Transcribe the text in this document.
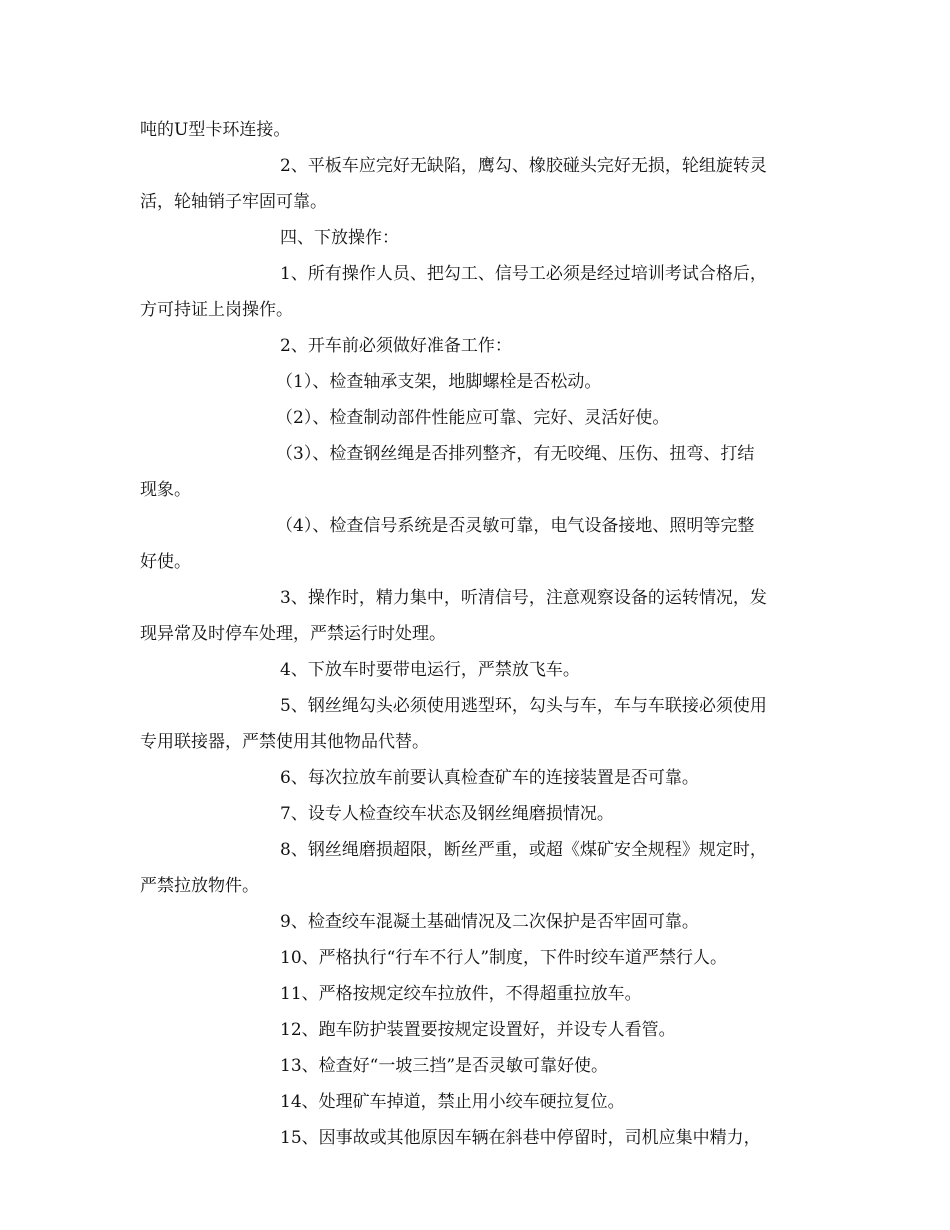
吨的U型卡环连接。

2、平板车应完好无缺陷，鹰勾、橡胶碰头完好无损，轮组旋转灵

活，轮轴销子牢固可靠。

四、下放操作：

1、所有操作人员、把勾工、信号工必须是经过培训考试合格后，

方可持证上岗操作。

2、开车前必须做好准备工作：

（1）、检查轴承支架，地脚螺栓是否松动。

（2）、检查制动部件性能应可靠、完好、灵活好使。

（3）、检查钢丝绳是否排列整齐，有无咬绳、压伤、扭弯、打结

现象。

（4）、检查信号系统是否灵敏可靠，电气设备接地、照明等完整

好使。

3、操作时，精力集中，听清信号，注意观察设备的运转情况，发

现异常及时停车处理，严禁运行时处理。

4、下放车时要带电运行，严禁放飞车。

5、钢丝绳勾头必须使用逃型环，勾头与车，车与车联接必须使用

专用联接器，严禁使用其他物品代替。

6、每次拉放车前要认真检查矿车的连接装置是否可靠。

7、设专人检查绞车状态及钢丝绳磨损情况。

8、钢丝绳磨损超限，断丝严重，或超《煤矿安全规程》规定时，

严禁拉放物件。

9、检查绞车混凝土基础情况及二次保护是否牢固可靠。

10、严格执行“行车不行人”制度，下件时绞车道严禁行人。

11、严格按规定绞车拉放件，不得超重拉放车。

12、跑车防护装置要按规定设置好，并设专人看管。

13、检查好“一坡三挡”是否灵敏可靠好使。

14、处理矿车掉道，禁止用小绞车硬拉复位。

15、因事故或其他原因车辆在斜巷中停留时，司机应集中精力，
